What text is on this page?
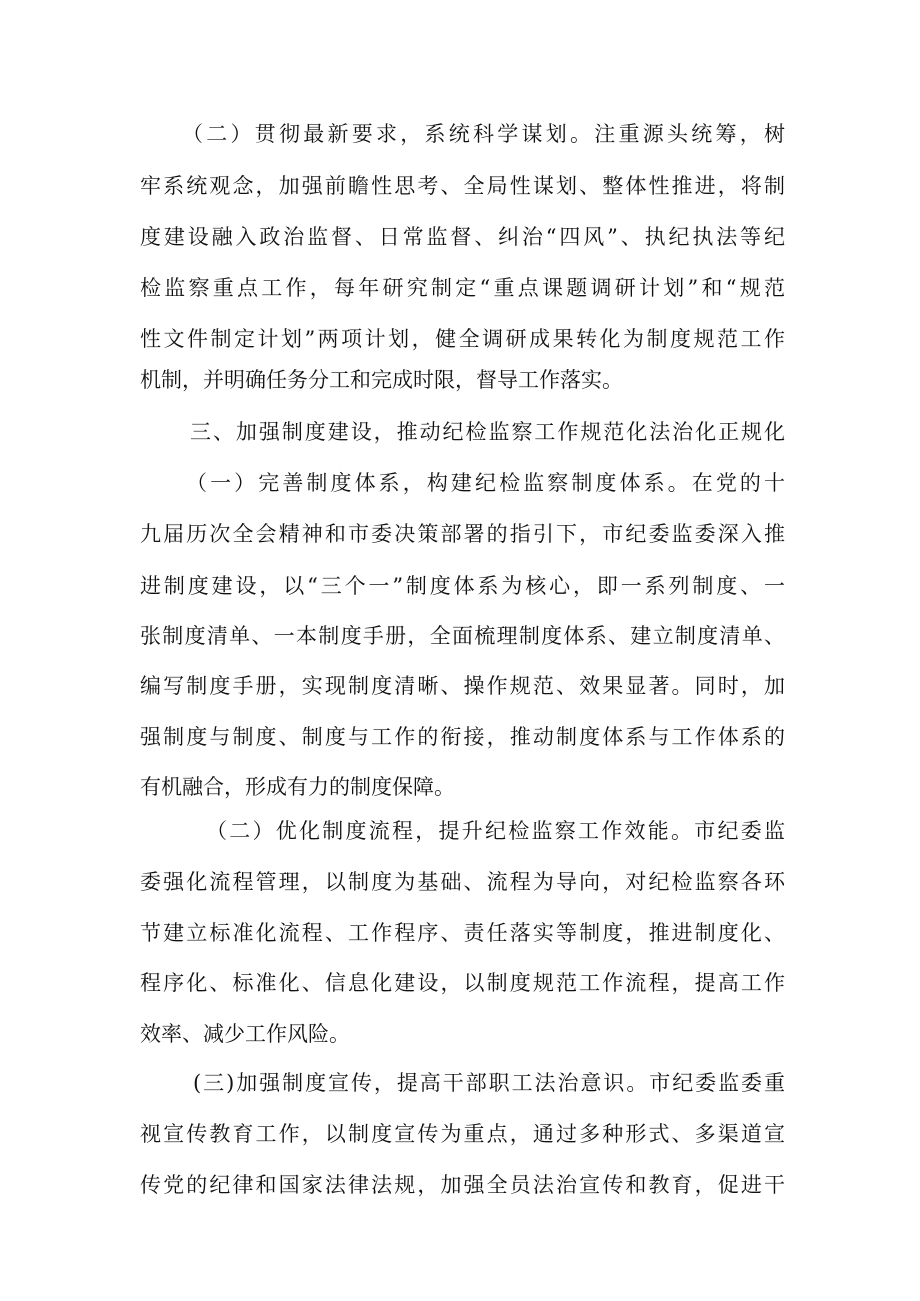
（二）贯彻最新要求，系统科学谋划。注重源头统筹，树
牢系统观念，加强前瞻性思考、全局性谋划、整体性推进，将制
度建设融入政治监督、日常监督、纠治“四风”、执纪执法等纪
检监察重点工作，每年研究制定“重点课题调研计划”和“规范
性文件制定计划”两项计划，健全调研成果转化为制度规范工作
机制，并明确任务分工和完成时限，督导工作落实。
三、加强制度建设，推动纪检监察工作规范化法治化正规化
（一）完善制度体系，构建纪检监察制度体系。在党的十
九届历次全会精神和市委决策部署的指引下，市纪委监委深入推
进制度建设，以“三个一”制度体系为核心，即一系列制度、一
张制度清单、一本制度手册，全面梳理制度体系、建立制度清单、
编写制度手册，实现制度清晰、操作规范、效果显著。同时，加
强制度与制度、制度与工作的衔接，推动制度体系与工作体系的
有机融合，形成有力的制度保障。
（二）优化制度流程，提升纪检监察工作效能。市纪委监
委强化流程管理，以制度为基础、流程为导向，对纪检监察各环
节建立标准化流程、工作程序、责任落实等制度，推进制度化、
程序化、标准化、信息化建设，以制度规范工作流程，提高工作
效率、减少工作风险。
(三)加强制度宣传，提高干部职工法治意识。市纪委监委重
视宣传教育工作，以制度宣传为重点，通过多种形式、多渠道宣
传党的纪律和国家法律法规，加强全员法治宣传和教育，促进干
